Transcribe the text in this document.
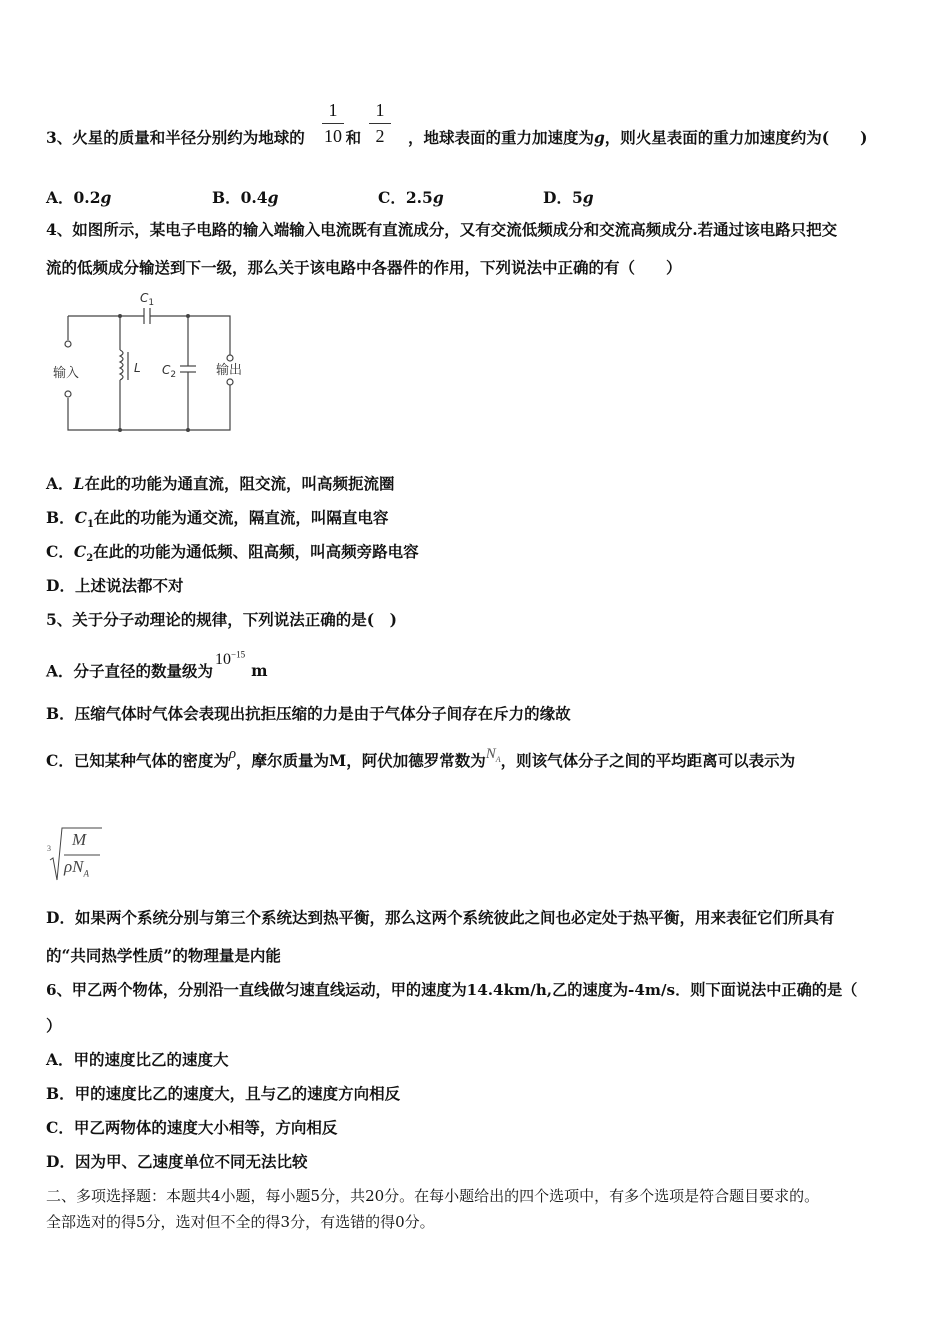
3、火星的质量和半径分别约为地球的	和	，地球表面的重力加速度为g，则火星表面的重力加速度约为(　　)
1
10
1
2
A．0.2g	B．0.4g	C．2.5g	D．5g
4、如图所示，某电子电路的输入端输入电流既有直流成分，又有交流低频成分和交流高频成分.若通过该电路只把交
流的低频成分输送到下一级，那么关于该电路中各器件的作用，下列说法中正确的有（　　）
输入	输出
$C_1$
$C_2$
L
A．L在此的功能为通直流，阻交流，叫高频扼流圈
B．$C_1$在此的功能为通交流，隔直流，叫隔直电容
C．$C_2$在此的功能为通低频、阻高频，叫高频旁路电容
D．上述说法都不对
5、关于分子动理论的规律，下列说法正确的是(　)
A．分子直径的数量级为$10^{-15}m$
B．压缩气体时气体会表现出抗拒压缩的力是由于气体分子间存在斥力的缘故
C．已知某种气体的密度为ρ，摩尔质量为M，阿伏加德罗常数为$N_A$，则该气体分子之间的平均距离可以表示为
3 M
$\rho N_A$
D．如果两个系统分别与第三个系统达到热平衡，那么这两个系统彼此之间也必定处于热平衡，用来表征它们所具有
的“共同热学性质”的物理量是内能
6、甲乙两个物体，分别沿一直线做匀速直线运动，甲的速度为14.4km/h,乙的速度为-4m/s．则下面说法中正确的是（
）
A．甲的速度比乙的速度大
B．甲的速度比乙的速度大，且与乙的速度方向相反
C．甲乙两物体的速度大小相等，方向相反
D．因为甲、乙速度单位不同无法比较
二、多项选择题：本题共4小题，每小题5分，共20分。在每小题给出的四个选项中，有多个选项是符合题目要求的。
全部选对的得5分，选对但不全的得3分，有选错的得0分。
